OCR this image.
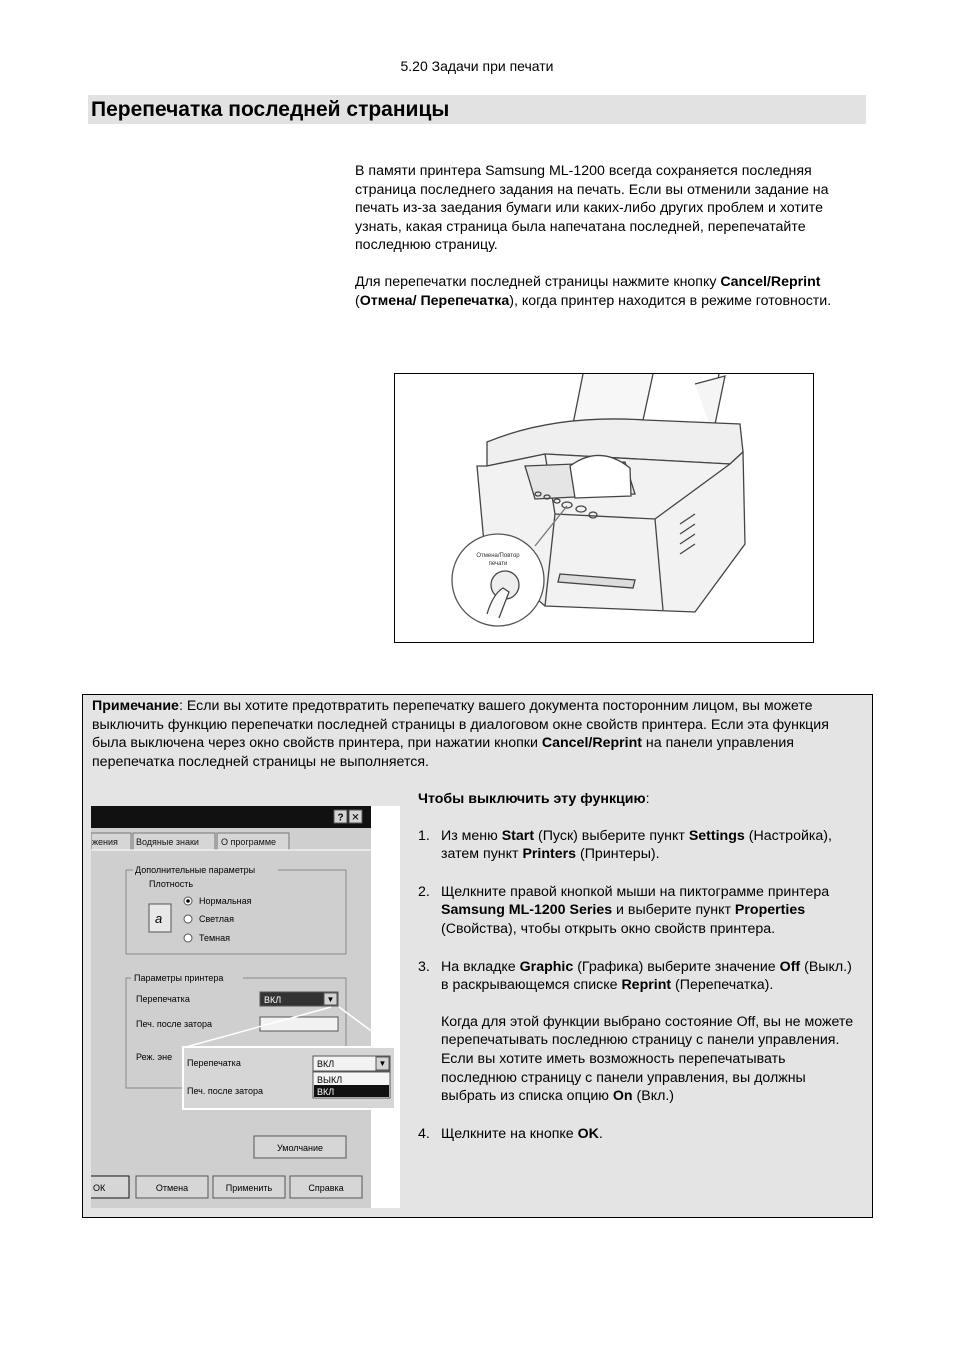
5.20 Задачи при печати
Перепечатка последней страницы

В памяти принтера Samsung ML-1200 всегда сохраняется последняя страница последнего задания на печать. Если вы отменили задание на печать из-за заедания бумаги или каких-либо других проблем и хотите узнать, какая страница была напечатана последней, перепечатайте последнюю страницу.

Для перепечатки последней страницы нажмите кнопку Cancel/Reprint (Отмена/ Перепечатка), когда принтер находится в режиме готовности.

Отмена/Повтор
печати
Примечание: Если вы хотите предотвратить перепечатку вашего документа посторонним лицом, вы можете выключить функцию перепечатки последней страницы в диалоговом окне свойств принтера. Если эта функция была выключена через окно свойств принтера, при нажатии кнопки Cancel/Reprint на панели управления перепечатка последней страницы не выполняется.
? ✕
жения Водяные знаки О программе
Дополнительные параметры
Плотность
a
Нормальная
Светлая
Темная
Параметры принтера
Перепечатка	ВКЛ	▼
Печ. после затора
Реж. эне
Перепечатка	ВКЛ	▼
Печ. после затора
ВЫКЛ
ВКЛ
Умолчание
ОК	Отмена	Применить	Справка

Чтобы выключить эту функцию:

1. Из меню Start (Пуск) выберите пункт Settings (Настройка), затем пункт Printers (Принтеры).

2. Щелкните правой кнопкой мыши на пиктограмме принтера Samsung ML-1200 Series и выберите пункт Properties (Свойства), чтобы открыть окно свойств принтера.

3. На вкладке Graphic (Графика) выберите значение Off (Выкл.) в раскрывающемся списке Reprint (Перепечатка).

Когда для этой функции выбрано состояние Off, вы не можете перепечатывать последнюю страницу с панели управления.

Если вы хотите иметь возможность перепечатывать последнюю страницу с панели управления, вы должны выбрать из списка опцию On (Вкл.)

4. Щелкните на кнопке OK.
